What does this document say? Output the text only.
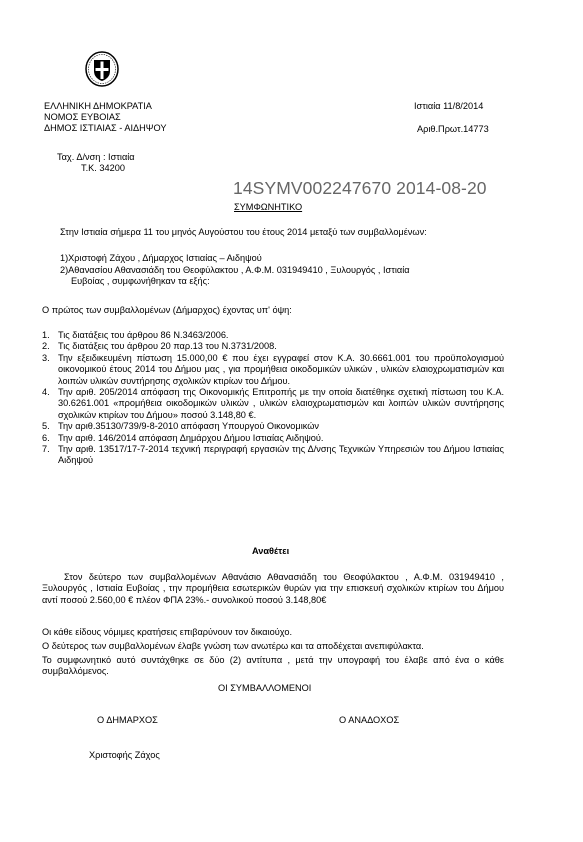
ΕΛΛΗΝΙΚΗ ΔΗΜΟΚΡΑΤΙΑ
ΝΟΜΟΣ ΕΥΒΟΙΑΣ
ΔΗΜΟΣ ΙΣΤΙΑΙΑΣ - ΑΙΔΗΨΟΥ
Ιστιαία 11/8/2014
Αριθ.Πρωτ.14773
Ταχ. Δ/νση : Ιστιαία
Τ.Κ. 34200
14SYMV002247670 2014-08-20
ΣΥΜΦΩΝΗΤΙΚΟ
Στην Ιστιαία σήμερα 11 του μηνός Αυγούστου του έτους 2014 μεταξύ των συμβαλλομένων:
1)Χριστοφή Ζάχου , Δήμαρχος Ιστιαίας – Αιδηψού
2)Αθανασίου Αθανασιάδη του Θεοφύλακτου , Α.Φ.Μ. 031949410 , Ξυλουργός , Ιστιαία
Ευβοίας , συμφωνήθηκαν τα εξής:
Ο πρώτος των συμβαλλομένων (Δήμαρχος) έχοντας υπ' όψη:
1. Τις διατάξεις του άρθρου 86 Ν.3463/2006.
2. Τις διατάξεις του άρθρου 20 παρ.13 του Ν.3731/2008.
3. Την εξειδικευμένη πίστωση 15.000,00 € που έχει εγγραφεί στον Κ.Α. 30.6661.001 του προϋπολογισμού οικονομικού έτους 2014 του Δήμου μας , για προμήθεια οικοδομικών υλικών , υλικών ελαιοχρωματισμών και λοιπών υλικών συντήρησης σχολικών κτιρίων του Δήμου.
4. Την αριθ. 205/2014 απόφαση της Οικονομικής Επιτροπής με την οποία διατέθηκε σχετική πίστωση του Κ.Α. 30.6261.001 «προμήθεια οικοδομικών υλικών , υλικών ελαιοχρωματισμών και λοιπών υλικών συντήρησης σχολικών κτιρίων του Δήμου» ποσού 3.148,80 €.
5. Την αριθ.35130/739/9-8-2010 απόφαση Υπουργού Οικονομικών
6. Την αριθ. 146/2014 απόφαση Δημάρχου Δήμου Ιστιαίας Αιδηψού.
7. Την αριθ. 13517/17-7-2014 τεχνική περιγραφή εργασιών της Δ/νσης Τεχνικών Υπηρεσιών του Δήμου Ιστιαίας Αιδηψού
Αναθέτει
Στον δεύτερο των συμβαλλομένων Αθανάσιο Αθανασιάδη του Θεοφύλακτου , Α.Φ.Μ. 031949410 , Ξυλουργός , Ιστιαία Ευβοίας , την προμήθεια εσωτερικών θυρών για την επισκευή σχολικών κτιρίων του Δήμου αντί ποσού 2.560,00 € πλέον ΦΠΑ 23%.- συνολικού ποσού 3.148,80€
Οι κάθε είδους νόμιμες κρατήσεις επιβαρύνουν τον δικαιούχο.
Ο δεύτερος των συμβαλλομένων έλαβε γνώση των ανωτέρω και τα αποδέχεται ανεπιφύλακτα.
Το συμφωνητικό αυτό συντάχθηκε σε δύο (2) αντίτυπα , μετά την υπογραφή του έλαβε από ένα ο κάθε συμβαλλόμενος.
ΟΙ ΣΥΜΒΑΛΛΟΜΕΝΟΙ
Ο ΔΗΜΑΡΧΟΣ	Ο ΑΝΑΔΟΧΟΣ
Χριστοφής Ζάχος
